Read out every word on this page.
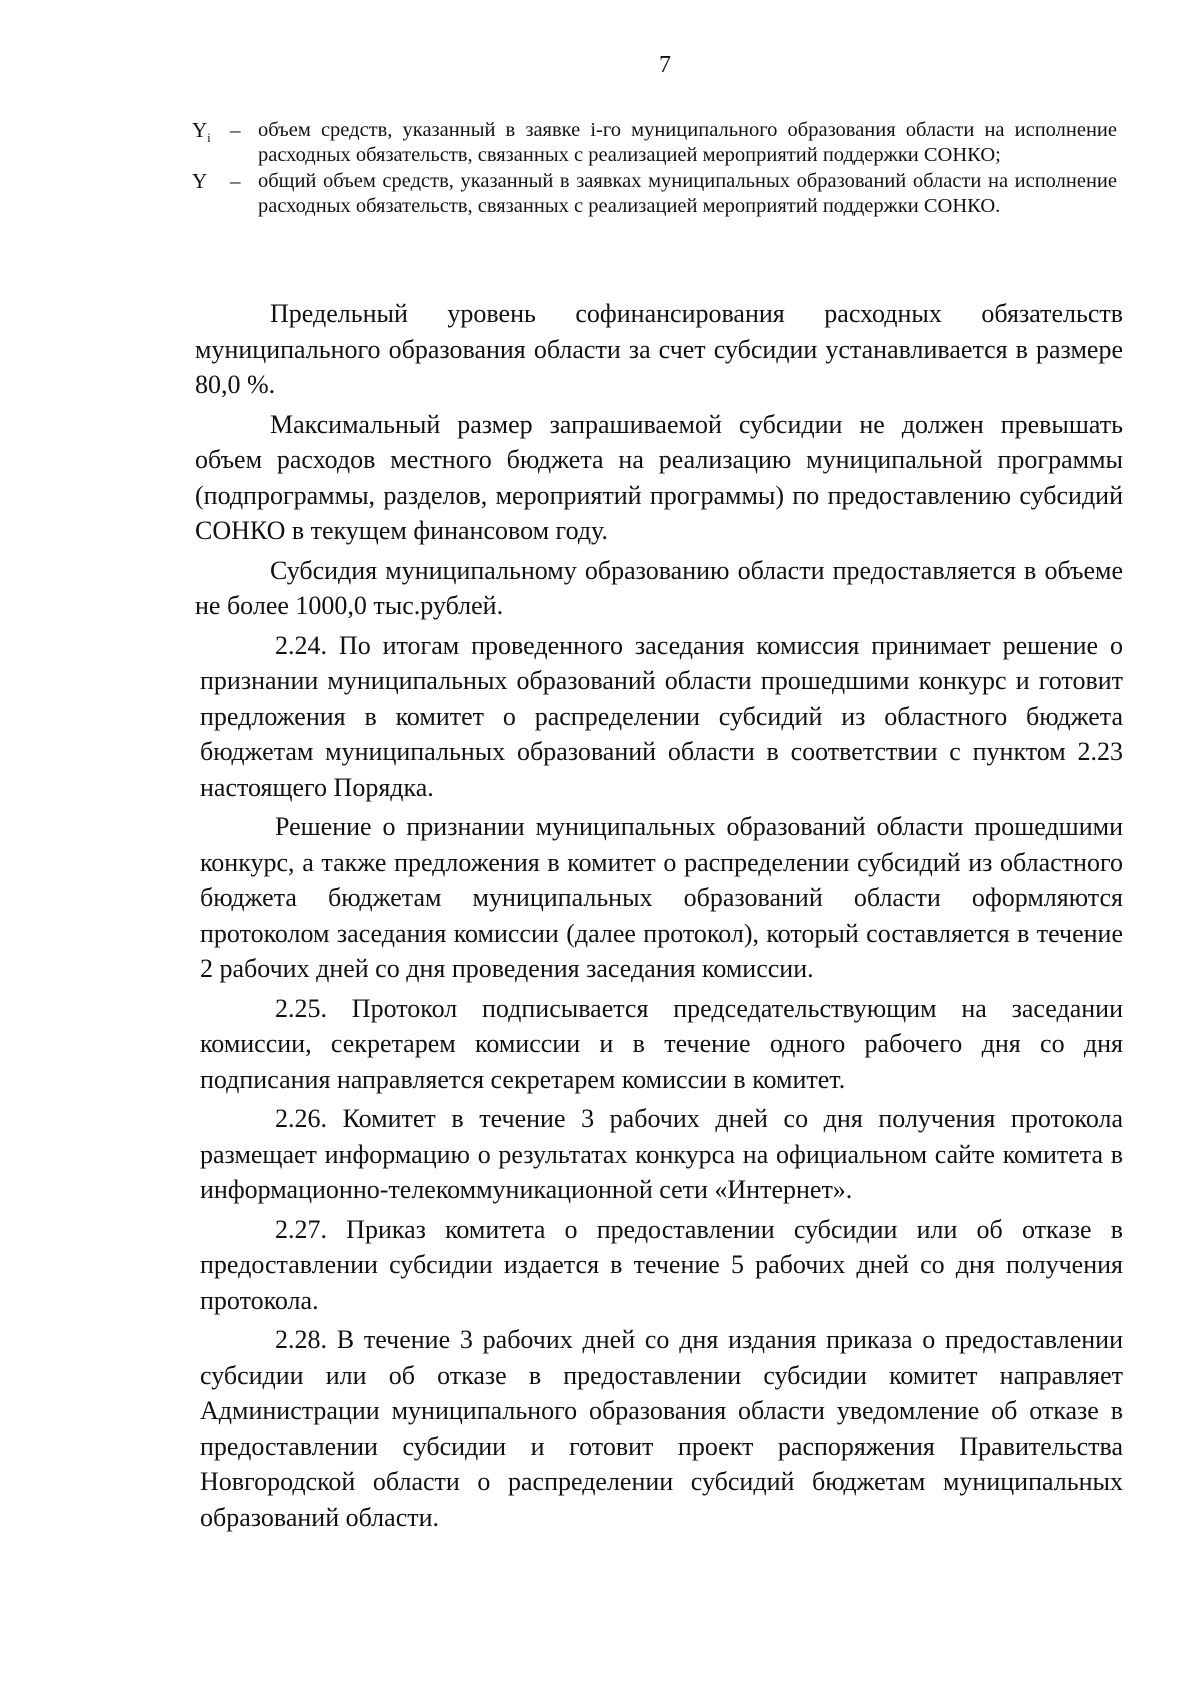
7
$Y_i$ – объем средств, указанный в заявке i-го муниципального образования области на исполнение расходных обязательств, связанных с реализацией мероприятий поддержки СОНКО;
Y	– общий объем средств, указанный в заявках муниципальных образований области на исполнение расходных обязательств, связанных с реализацией мероприятий поддержки СОНКО.

Предельный уровень софинансирования расходных обязательств муниципального образования области за счет субсидии устанавливается в размере 80,0 %.

Максимальный размер запрашиваемой субсидии не должен превышать объем расходов местного бюджета на реализацию муниципальной программы (подпрограммы, разделов, мероприятий программы) по предоставлению субсидий СОНКО в текущем финансовом году.

Субсидия муниципальному образованию области предоставляется в объеме не более 1000,0 тыс.рублей.

2.24. По итогам проведенного заседания комиссия принимает решение о признании муниципальных образований области прошедшими конкурс и готовит предложения в комитет о распределении субсидий из областного бюджета бюджетам муниципальных образований области в соответствии с пунктом 2.23 настоящего Порядка.

Решение о признании муниципальных образований области прошедшими конкурс, а также предложения в комитет о распределении субсидий из областного бюджета бюджетам муниципальных образований области оформляются протоколом заседания комиссии (далее протокол), который составляется в течение 2 рабочих дней со дня проведения заседания комиссии.

2.25. Протокол подписывается председательствующим на заседании комиссии, секретарем комиссии и в течение одного рабочего дня со дня подписания направляется секретарем комиссии в комитет.

2.26. Комитет в течение 3 рабочих дней со дня получения протокола размещает информацию о результатах конкурса на официальном сайте комитета в информационно-телекоммуникационной сети «Интернет».

2.27. Приказ комитета о предоставлении субсидии или об отказе в предоставлении субсидии издается в течение 5 рабочих дней со дня получения протокола.

2.28. В течение 3 рабочих дней со дня издания приказа о предоставлении субсидии или об отказе в предоставлении субсидии комитет направляет Администрации муниципального образования области уведомление об отказе в предоставлении субсидии и готовит проект распоряжения Правительства Новгородской области о распределении субсидий бюджетам муниципальных образований области.
